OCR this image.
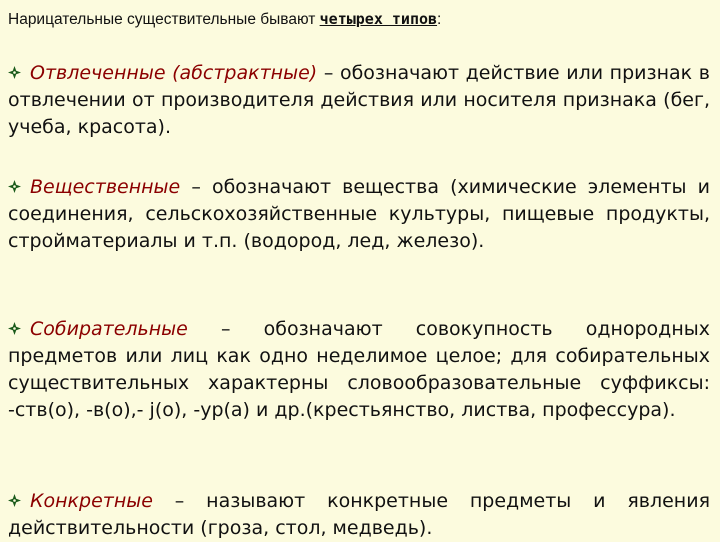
Нарицательные существительные бывают четырех типов:
Отвлеченные (абстрактные) – обозначают действие или признак в отвлечении от производителя действия или носителя признака (бег, учеба, красота).
Вещественные – обозначают вещества (химические элементы и соединения, сельскохозяйственные культуры, пищевые продукты, стройматериалы и т.п. (водород, лед, железо).
Собирательные – обозначают совокупность однородных предметов или лиц как одно неделимое целое; для собирательных существительных характерны словообразовательные суффиксы: -ств(о), -в(о),- j(о), -ур(а) и др.(крестьянство, листва, профессура).
Конкретные – называют конкретные предметы и явления действительности (гроза, стол, медведь).
